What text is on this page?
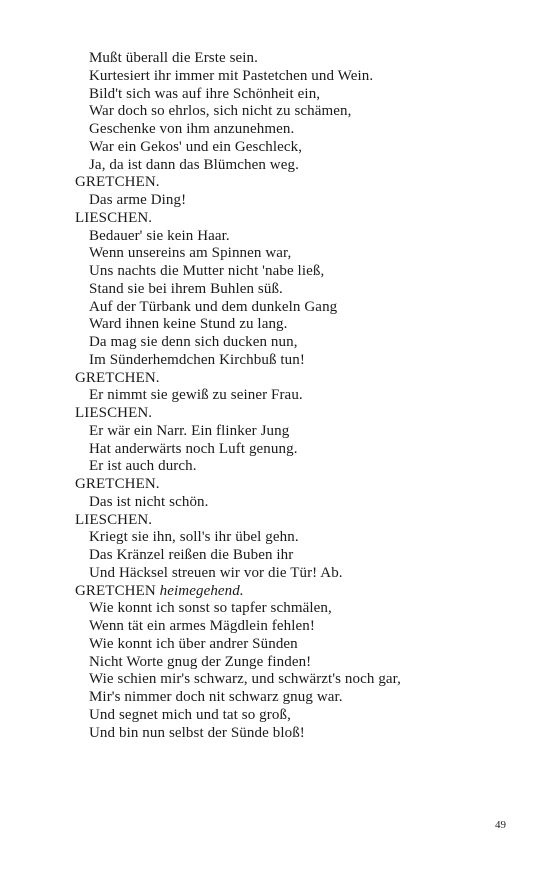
Mußt überall die Erste sein.
Kurtesiert ihr immer mit Pastetchen und Wein.
Bild't sich was auf ihre Schönheit ein,
War doch so ehrlos, sich nicht zu schämen,
Geschenke von ihm anzunehmen.
War ein Gekos' und ein Geschleck,
Ja, da ist dann das Blümchen weg.
GRETCHEN.
Das arme Ding!
LIESCHEN.
Bedauer' sie kein Haar.
Wenn unsereins am Spinnen war,
Uns nachts die Mutter nicht 'nabe ließ,
Stand sie bei ihrem Buhlen süß.
Auf der Türbank und dem dunkeln Gang
Ward ihnen keine Stund zu lang.
Da mag sie denn sich ducken nun,
Im Sünderhemdchen Kirchbuß tun!
GRETCHEN.
Er nimmt sie gewiß zu seiner Frau.
LIESCHEN.
Er wär ein Narr. Ein flinker Jung
Hat anderwärts noch Luft genung.
Er ist auch durch.
GRETCHEN.
Das ist nicht schön.
LIESCHEN.
Kriegt sie ihn, soll's ihr übel gehn.
Das Kränzel reißen die Buben ihr
Und Häcksel streuen wir vor die Tür! Ab.
GRETCHEN heimegehend.
Wie konnt ich sonst so tapfer schmälen,
Wenn tät ein armes Mägdlein fehlen!
Wie konnt ich über andrer Sünden
Nicht Worte gnug der Zunge finden!
Wie schien mir's schwarz, und schwärzt's noch gar,
Mir's nimmer doch nit schwarz gnug war.
Und segnet mich und tat so groß,
Und bin nun selbst der Sünde bloß!
49
